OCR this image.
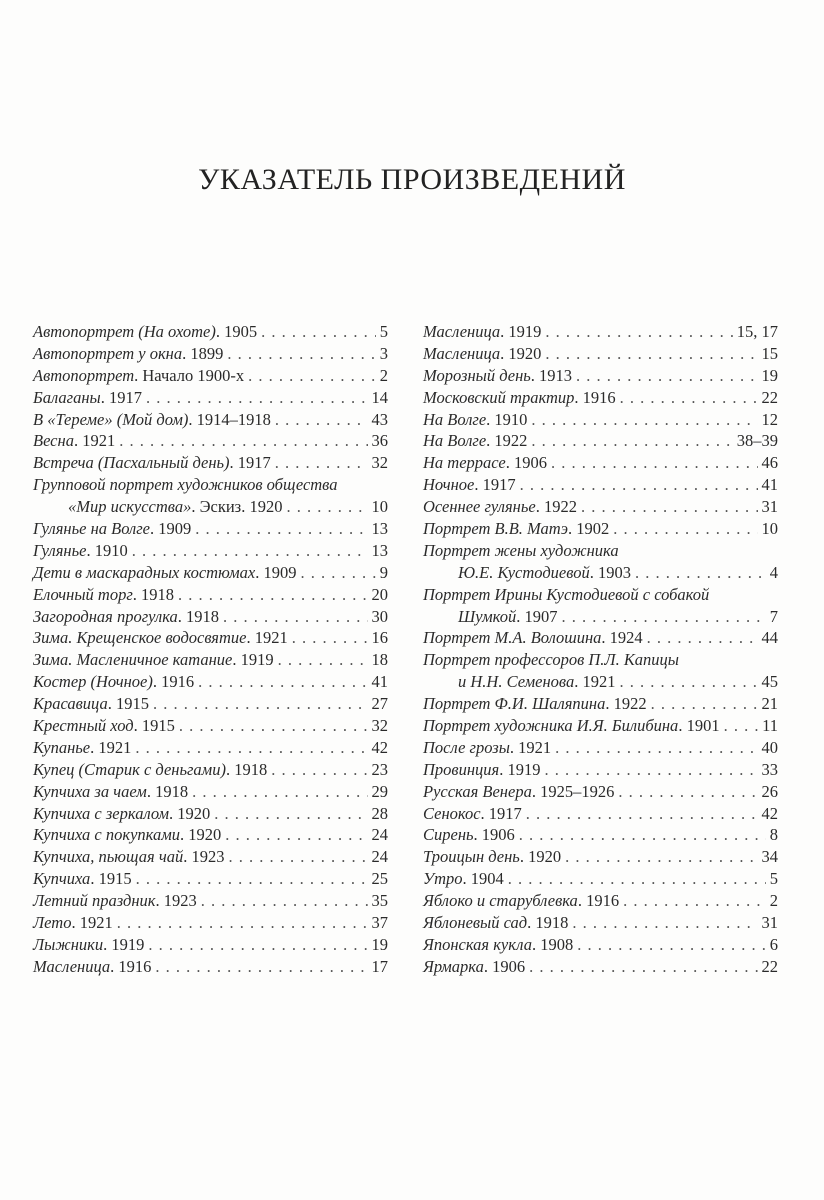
УКАЗАТЕЛЬ ПРОИЗВЕДЕНИЙ
Автопортрет (На охоте) . 1905 . . .	5
Автопортрет у окна . 1899 . . .	3
Автопортрет . Начало 1900-х . . .	2
Балаганы . 1917 . . .	14
В «Тереме» (Мой дом) . 1914–1918 . . .	43
Весна . 1921 . . .	36
Встреча (Пасхальный день) . 1917 . . .	32
Групповой портрет художников общества
«Мир искусства» . Эскиз. 1920 . . .	10
Гулянье на Волге . 1909 . . .	13
Гулянье . 1910 . . .	13
Дети в маскарадных костюмах . 1909 . . .	9
Елочный торг . 1918 . . .	20
Загородная прогулка . 1918 . . .	30
Зима. Крещенское водосвятие . 1921 . . .	16
Зима. Масленичное катание . 1919 . . .	18
Костер (Ночное) . 1916 . . .	41
Красавица . 1915 . . .	27
Крестный ход . 1915 . . .	32
Купанье . 1921 . . .	42
Купец (Старик с деньгами) . 1918 . . .	23
Купчиха за чаем . 1918 . . .	29
Купчиха с зеркалом . 1920 . . .	28
Купчиха с покупками . 1920 . . .	24
Купчиха, пьющая чай . 1923 . . .	24
Купчиха . 1915 . . .	25
Летний праздник . 1923 . . .	35
Лето . 1921 . . .	37
Лыжники . 1919 . . .	19
Масленица . 1916 . . .	17
Масленица . 1919 . . .	15, 17
Масленица . 1920 . . .	15
Морозный день . 1913 . . .	19
Московский трактир . 1916 . . .	22
На Волге . 1910 . . .	12
На Волге . 1922 . . .	38–39
На террасе . 1906 . . .	46
Ночное . 1917 . . .	41
Осеннее гулянье . 1922 . . .	31
Портрет В.В. Матэ . 1902 . . .	10
Портрет жены художника
Ю.Е. Кустодиевой . 1903 . . .	4
Портрет Ирины Кустодиевой с собакой
Шумкой . 1907 . . .	7
Портрет М.А. Волошина . 1924 . . .	44
Портрет профессоров П.Л. Капицы
и Н.Н. Семенова . 1921 . . .	45
Портрет Ф.И. Шаляпина . 1922 . . .	21
Портрет художника И.Я. Билибина . 1901 . . .	11
После грозы . 1921 . . .	40
Провинция . 1919 . . .	33
Русская Венера . 1925–1926 . . .	26
Сенокос . 1917 . . .	42
Сирень . 1906 . . .	8
Троицын день . 1920 . . .	34
Утро . 1904 . . .	5
Яблоко и старублевка . 1916 . . .	2
Яблоневый сад . 1918 . . .	31
Японская кукла . 1908 . . .	6
Ярмарка . 1906 . . .	22
